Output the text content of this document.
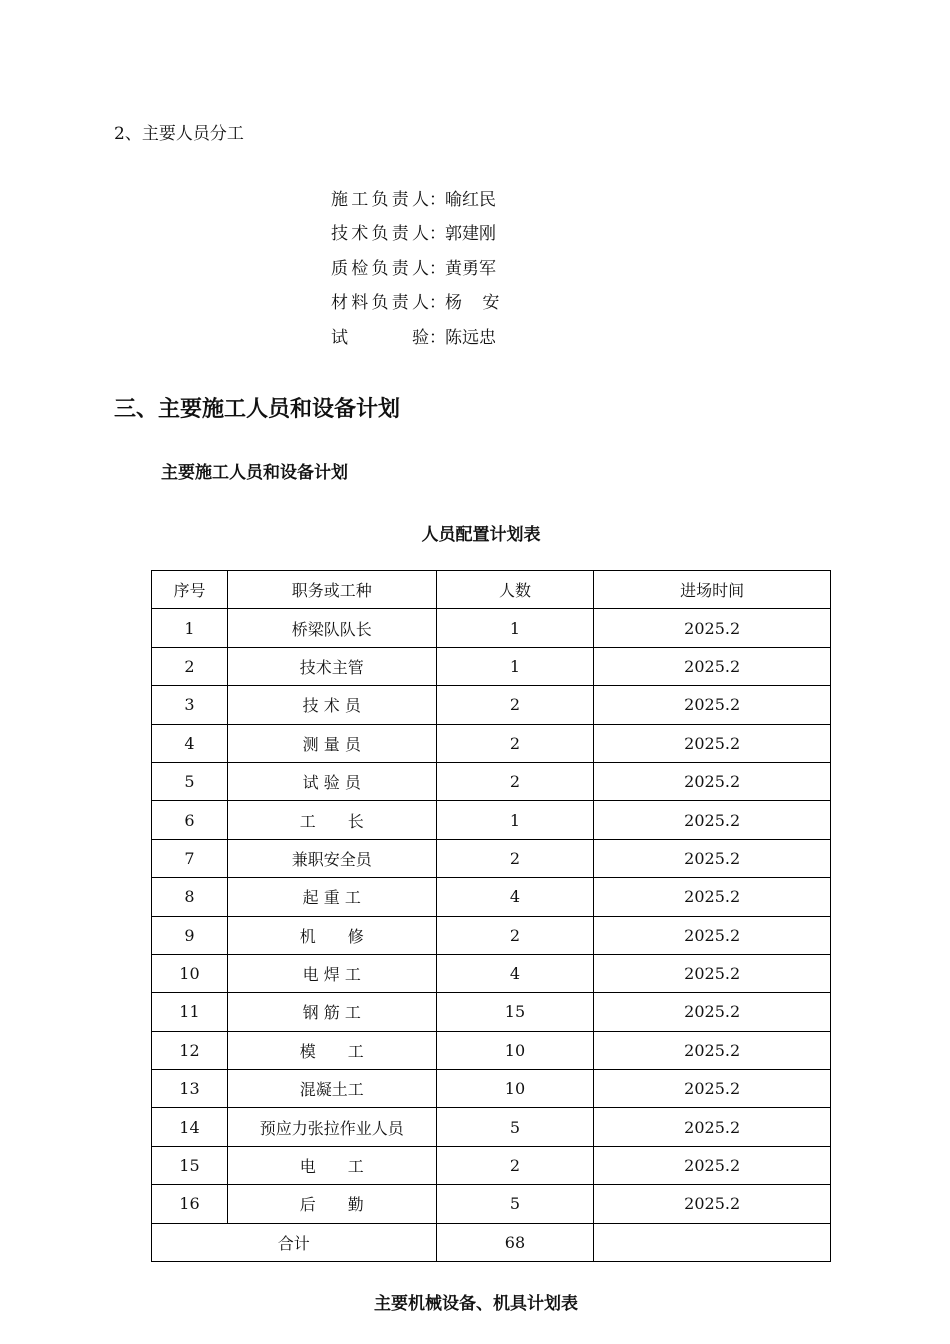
2、主要人员分工
施工负责人 ： 喻红民
技术负责人 ： 郭建刚
质检负责人 ： 黄勇军
材料负责人 ： 杨安
试验 ： 陈远忠
三、主要施工人员和设备计划
主要施工人员和设备计划
人员配置计划表
序号	职务或工种	人数	进场时间
1	桥梁队队长	1	2025.2
2	技术主管	1	2025.2
3	技 术 员	2	2025.2
4	测 量 员	2	2025.2
5	试 验 员	2	2025.2
6	工　　长	1	2025.2
7	兼职安全员	2	2025.2
8	起 重 工	4	2025.2
9	机　　修	2	2025.2
10	电 焊 工	4	2025.2
11	钢 筋 工	15	2025.2
12	模　　工	10	2025.2
13	混凝土工	10	2025.2
14	预应力张拉作业人员	5	2025.2
15	电　　工	2	2025.2
16	后　　勤	5	2025.2
合计		68	
主要机械设备、机具计划表
